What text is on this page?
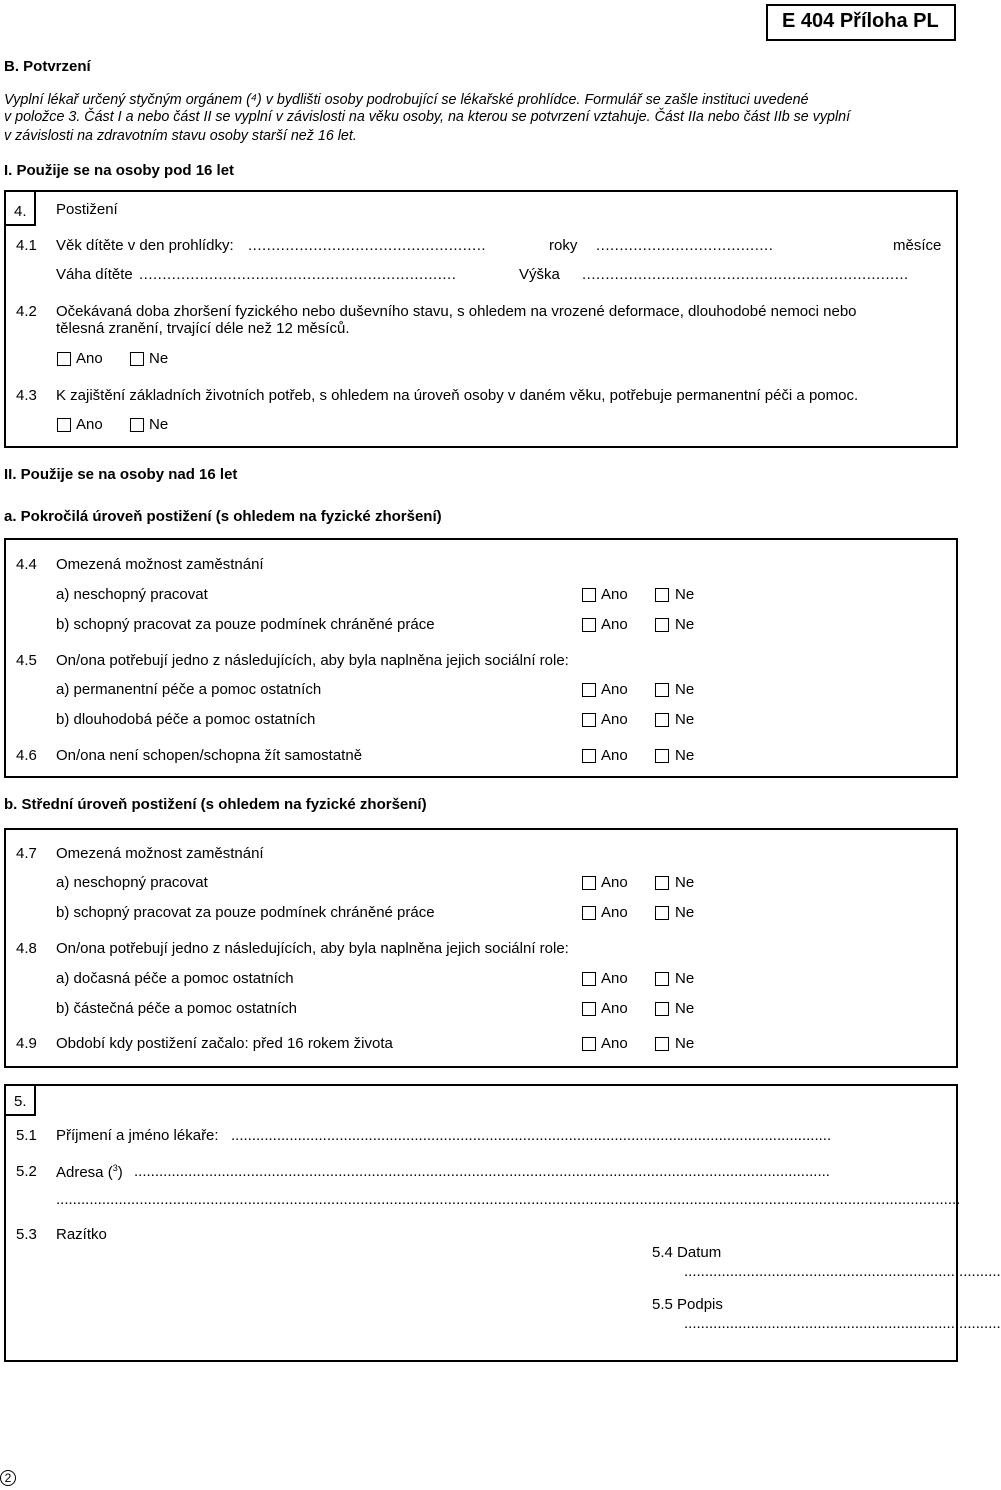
E 404 Příloha PL
B. Potvrzení
Vyplní lékař určený styčným orgánem (⁴) v bydlišti osoby podrobující se lékařské prohlídce. Formulář se zašle instituci uvedené
v položce 3. Část I a nebo část II se vyplní v závislosti na věku osoby, na kterou se potvrzení vztahuje. Část IIa nebo část IIb se vyplní
v závislosti na zdravotním stavu osoby starší než 16 let.
I. Použije se na osoby pod 16 let
4. Postižení
4.1 Věk dítěte v den prohlídky: ...................................................	roky ......................................	měsíce
Váha dítěte ....................................................................	Výška ......................................................................
4.2 Očekávaná doba zhoršení fyzického nebo duševního stavu, s ohledem na vrozené deformace, dlouhodobé nemoci nebo
tělesná zranění, trvající déle než 12 měsíců.
Ano	Ne
4.3 K zajištění základních životních potřeb, s ohledem na úroveň osoby v daném věku, potřebuje permanentní péči a pomoc.
Ano	Ne
II. Použije se na osoby nad 16 let
a. Pokročilá úroveň postižení (s ohledem na fyzické zhoršení)
4.4 Omezená možnost zaměstnání
a) neschopný pracovat	Ano	Ne
b) schopný pracovat za pouze podmínek chráněné práce	Ano	Ne
4.5 On/ona potřebují jedno z následujících, aby byla naplněna jejich sociální role:
a) permanentní péče a pomoc ostatních	Ano	Ne
b) dlouhodobá péče a pomoc ostatních	Ano	Ne
4.6 On/ona není schopen/schopna žít samostatně	Ano	Ne
b. Střední úroveň postižení (s ohledem na fyzické zhoršení)
4.7 Omezená možnost zaměstnání
a) neschopný pracovat	Ano	Ne
b) schopný pracovat za pouze podmínek chráněné práce	Ano	Ne
4.8 On/ona potřebují jedno z následujících, aby byla naplněna jejich sociální role:
a) dočasná péče a pomoc ostatních	Ano	Ne
b) částečná péče a pomoc ostatních	Ano	Ne
4.9 Období kdy postižení začalo: před 16 rokem života	Ano	Ne
5.
5.1 Příjmení a jméno lékaře: ................................................................................................................................................
5.2 Adresa ($^3$) .......................................................................................................................................................................
.........................................................................................................................................................................................................................
5.3 Razítko
5.4 Datum
............................................................................
5.5 Podpis
............................................................................
2
